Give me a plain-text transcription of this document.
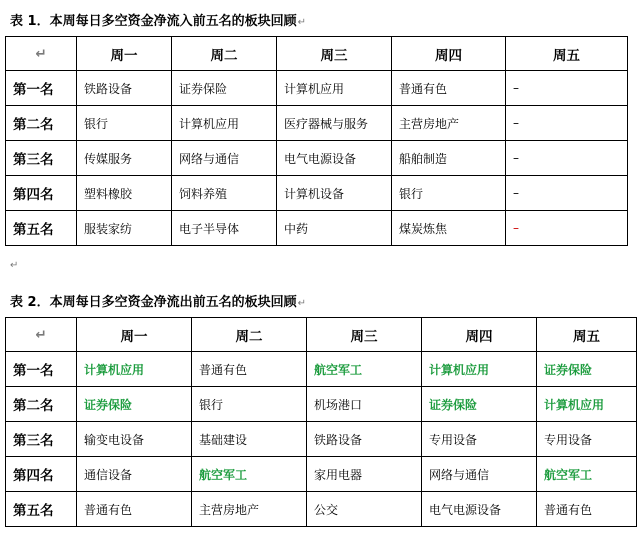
表 1．本周每日多空资金净流入前五名的板块回顾↵
↵	周一	周二	周三	周四	周五
第一名	铁路设备	证券保险	计算机应用	普通有色	–
第二名	银行	计算机应用	医疗器械与服务	主营房地产	–
第三名	传媒服务	网络与通信	电气电源设备	船舶制造	–
第四名	塑料橡胶	饲料养殖	计算机设备	银行	–
第五名	服装家纺	电子半导体	中药	煤炭炼焦	–
↵
表 2．本周每日多空资金净流出前五名的板块回顾↵
↵	周一	周二	周三	周四	周五
第一名	计算机应用	普通有色	航空军工	计算机应用	证券保险
第二名	证券保险	银行	机场港口	证券保险	计算机应用
第三名	输变电设备	基础建设	铁路设备	专用设备	专用设备
第四名	通信设备	航空军工	家用电器	网络与通信	航空军工
第五名	普通有色	主营房地产	公交	电气电源设备	普通有色
